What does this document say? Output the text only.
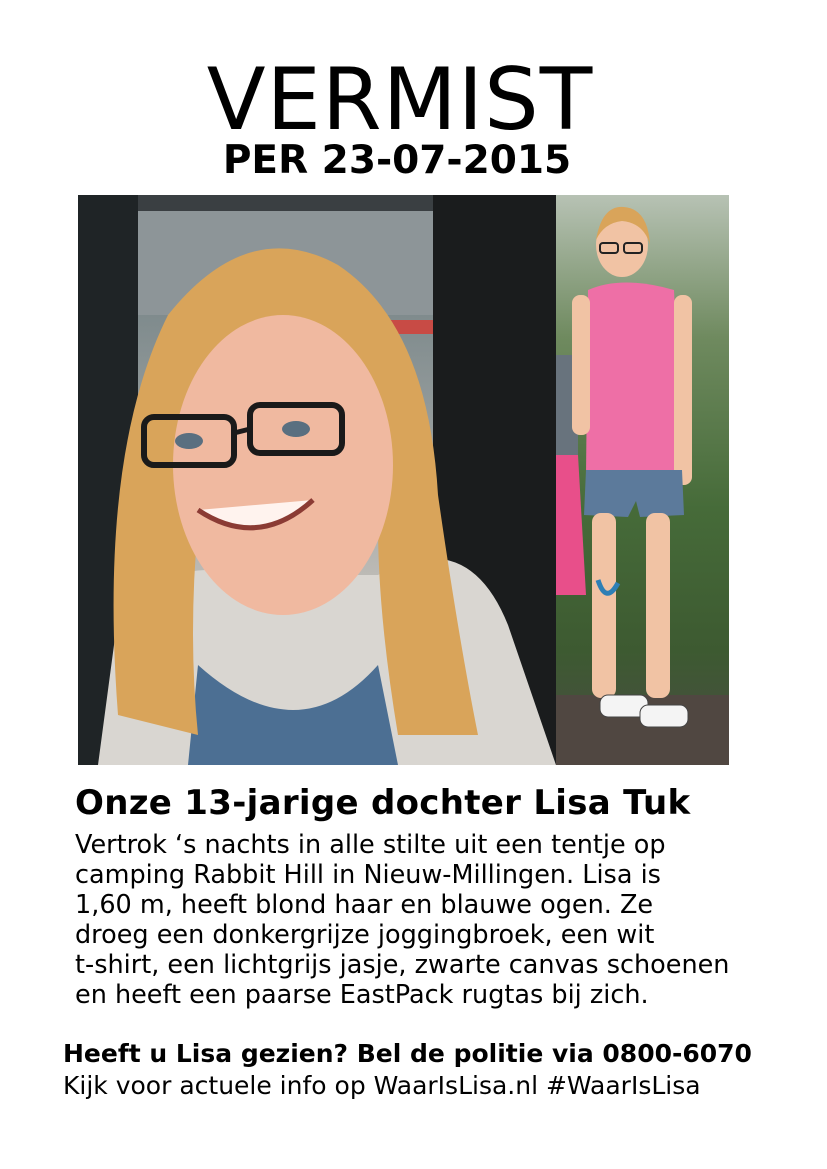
VERMIST
PER 23-07-2015
Onze 13-jarige dochter Lisa Tuk
Vertrok ‘s nachts in alle stilte uit een tentje op
camping Rabbit Hill in Nieuw-Millingen. Lisa is
1,60 m, heeft blond haar en blauwe ogen. Ze
droeg een donkergrijze joggingbroek, een wit
t-shirt, een lichtgrijs jasje, zwarte canvas schoenen
en heeft een paarse EastPack rugtas bij zich.

Heeft u Lisa gezien? Bel de politie via 0800-6070

Kijk voor actuele info op WaarIsLisa.nl #WaarIsLisa
